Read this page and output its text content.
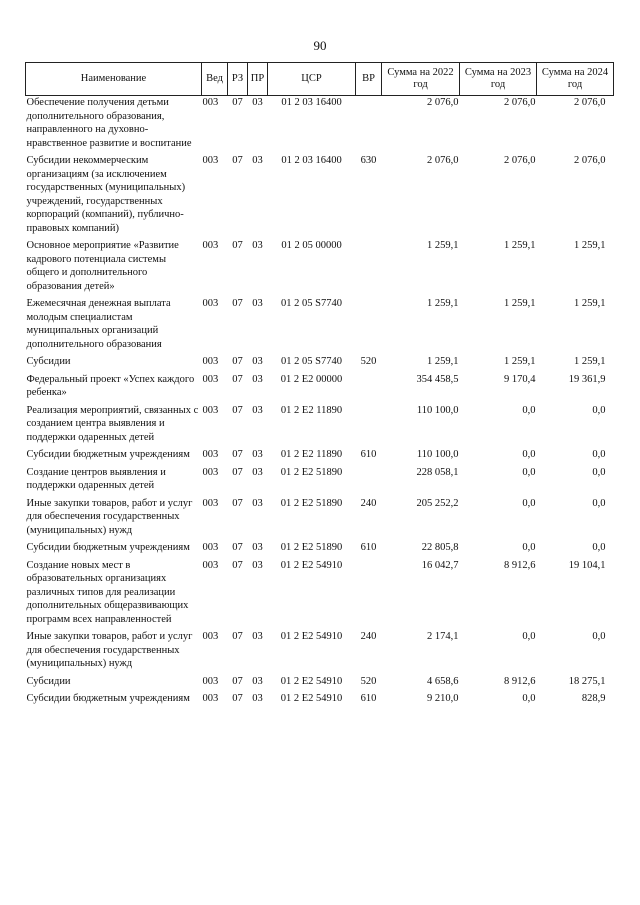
90
Наименование	Вед	РЗ	ПР	ЦСР	ВР	Сумма на 2022 год	Сумма на 2023 год	Сумма на 2024 год
Обеспечение получения детьми дополнительного образования, направленного на духовно-нравственное развитие и воспитание	003	07	03	01 2 03 16400		2 076,0	2 076,0	2 076,0
Субсидии некоммерческим организациям (за исключением государственных (муниципальных) учреждений, государственных корпораций (компаний), публично-правовых компаний)	003	07	03	01 2 03 16400	630	2 076,0	2 076,0	2 076,0
Основное мероприятие «Развитие кадрового потенциала системы общего и дополнительного образования детей»	003	07	03	01 2 05 00000		1 259,1	1 259,1	1 259,1
Ежемесячная денежная выплата молодым специалистам муниципальных организаций дополнительного образования	003	07	03	01 2 05 S7740		1 259,1	1 259,1	1 259,1
Субсидии	003	07	03	01 2 05 S7740	520	1 259,1	1 259,1	1 259,1
Федеральный проект «Успех каждого ребенка»	003	07	03	01 2 E2 00000		354 458,5	9 170,4	19 361,9
Реализация мероприятий, связанных с созданием центра выявления и поддержки одаренных детей	003	07	03	01 2 E2 11890		110 100,0	0,0	0,0
Субсидии бюджетным учреждениям	003	07	03	01 2 E2 11890	610	110 100,0	0,0	0,0
Создание центров выявления и поддержки одаренных детей	003	07	03	01 2 E2 51890		228 058,1	0,0	0,0
Иные закупки товаров, работ и услуг для обеспечения государственных (муниципальных) нужд	003	07	03	01 2 E2 51890	240	205 252,2	0,0	0,0
Субсидии бюджетным учреждениям	003	07	03	01 2 E2 51890	610	22 805,8	0,0	0,0
Создание новых мест в образовательных организациях различных типов для реализации дополнительных общеразвивающих программ всех направленностей	003	07	03	01 2 E2 54910		16 042,7	8 912,6	19 104,1
Иные закупки товаров, работ и услуг для обеспечения государственных (муниципальных) нужд	003	07	03	01 2 E2 54910	240	2 174,1	0,0	0,0
Субсидии	003	07	03	01 2 E2 54910	520	4 658,6	8 912,6	18 275,1
Субсидии бюджетным учреждениям	003	07	03	01 2 E2 54910	610	9 210,0	0,0	828,9
